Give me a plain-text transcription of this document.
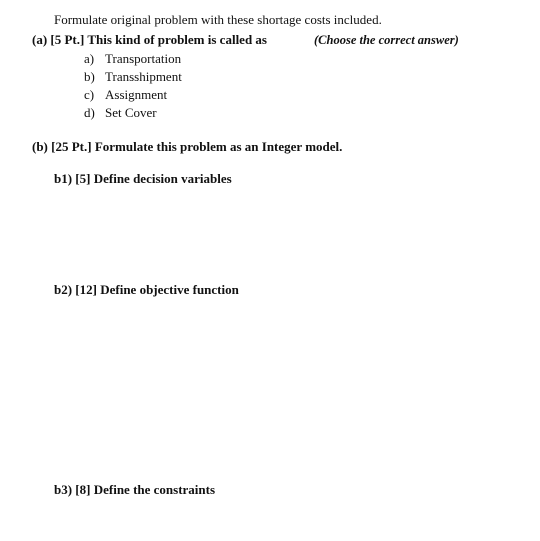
Formulate original problem with these shortage costs included.
(a) [5 Pt.] This kind of problem is called as	(Choose the correct answer)
a) Transportation
b) Transshipment
c) Assignment
d) Set Cover
(b) [25 Pt.] Formulate this problem as an Integer model.
b1) [5] Define decision variables
b2) [12] Define objective function
b3) [8] Define the constraints
